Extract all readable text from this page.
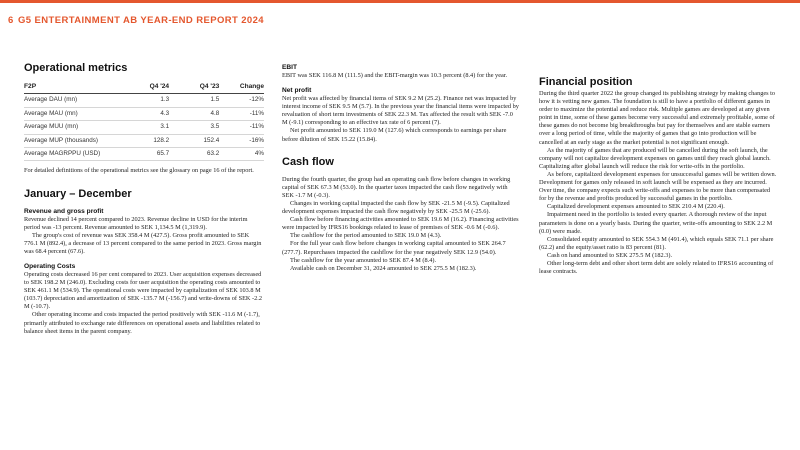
6 G5 ENTERTAINMENT AB YEAR-END REPORT 2024
Operational metrics
F2P	Q4 '24	Q4 '23	Change
Average DAU (mn)	1.3	1.5	-12%
Average MAU (mn)	4.3	4.8	-11%
Average MUU (mn)	3.1	3.5	-11%
Average MUP (thousands)	128.2	152.4	-16%
Average MAGRPPU (USD)	65.7	63.2	4%

For detailed definitions of the operational metrics see the glossary on page 16 of the report.

January – December
Revenue and gross profit

Revenue declined 14 percent compared to 2023. Revenue decline in USD for the interim period was -13 percent. Revenue amounted to SEK 1,134.5 M (1,319.9).

The group's cost of revenue was SEK 358.4 M (427.5). Gross profit amounted to SEK 776.1 M (892.4), a decrease of 13 percent compared to the same period in 2023. Gross margin was 68.4 percent (67.6).

Operating Costs

Operating costs decreased 16 per cent compared to 2023. User acquisition expenses decreased to SEK 198.2 M (246.0). Excluding costs for user acquisition the operating costs amounted to SEK 461.1 M (534.9). The operational costs were impacted by capitalization of SEK 103.8 M (103.7) depreciation and amortization of SEK -135.7 M (-156.7) and write-downs of SEK -2.2 M (-10.7).

Other operating income and costs impacted the period positively with SEK -11.6 M (-1.7), primarily attributed to exchange rate differences on operational assets and liabilities related to balance sheet items in the parent company.

EBIT

EBIT was SEK 116.8 M (111.5) and the EBIT-margin was 10.3 percent (8.4) for the year.

Net profit

Net profit was affected by financial items of SEK 9.2 M (25.2). Finance net was impacted by interest income of SEK 9.5 M (5.7). In the previous year the financial items were impacted by revaluation of short term investments of SEK 22.3 M. Tax affected the result with SEK -7.0 M (-9.1) corresponding to an effective tax rate of 6 percent (7).

Net profit amounted to SEK 119.0 M (127.6) which corresponds to earnings per share before dilution of SEK 15.22 (15.84).

Cash flow

During the fourth quarter, the group had an operating cash flow before changes in working capital of SEK 67.3 M (53.0). In the quarter taxes impacted the cash flow negatively with SEK -1.7 M (-0.3).

Changes in working capital impacted the cash flow by SEK -21.5 M (-9.5). Capitalized development expenses impacted the cash flow negatively by SEK -25.5 M (-25.6).

Cash flow before financing activities amounted to SEK 19.6 M (16.2). Financing activities were impacted by IFRS16 bookings related to lease of premises of SEK -0.6 M (-0.6).

The cashflow for the period amounted to SEK 19.0 M (4.3).

For the full year cash flow before changes in working capital amounted to SEK 264.7 (277.7). Repurchases impacted the cashflow for the year negatively SEK 12.9 (54.0).

The cashflow for the year amounted to SEK 87.4 M (8.4).

Available cash on December 31, 2024 amounted to SEK 275.5 M (182.3).

Financial position

During the third quarter 2022 the group changed its publishing strategy by making changes to how it is vetting new games. The foundation is still to have a portfolio of different games in order to maximize the potential and reduce risk. Multiple games are developed at any given point in time, some of these games become very successful and extremely profitable, some of these games do not become big breakthroughs but pay for themselves and are stable earners over a long period of time, while the majority of games that go into production will be cancelled at an early stage as the market potential is not significant enough.

As the majority of games that are produced will be cancelled during the soft launch, the company will not capitalize development expenses on games until they reach global launch. Capitalizing after global launch will reduce the risk for write-offs in the portfolio.

As before, capitalized development expenses for unsuccessful games will be written down. Development for games only released in soft launch will be expensed as they are incurred. Over time, the company expects such write-offs and expenses to be more than compensated for by the revenue and profits produced by successful games in the portfolio.

Capitalized development expenses amounted to SEK 210.4 M (220.4).

Impairment need in the portfolio is tested every quarter. A thorough review of the input parameters is done on a yearly basis. During the quarter, write-offs amounting to SEK 2.2 M (0.0) were made.

Consolidated equity amounted to SEK 554.3 M (491.4), which equals SEK 71.1 per share (62.2) and the equity/asset ratio is 83 percent (81).

Cash on hand amounted to SEK 275.5 M (182.3).

Other long-term debt and other short term debt are solely related to IFRS16 accounting of lease contracts.
